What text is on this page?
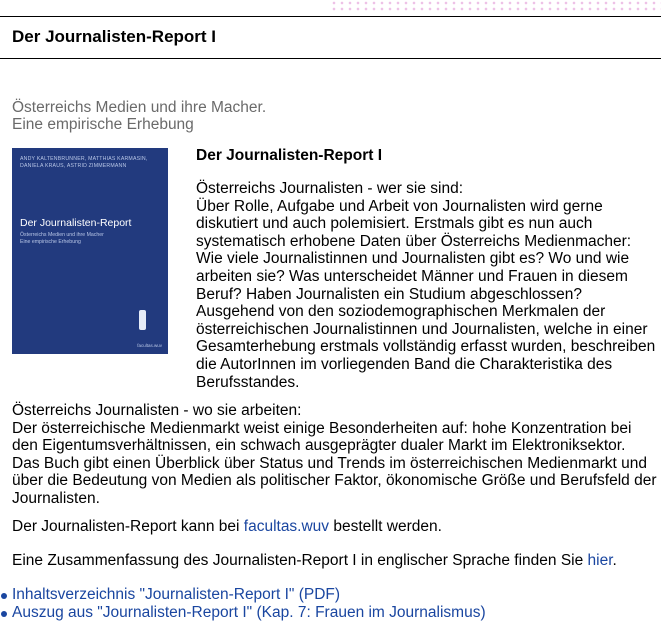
Der Journalisten-Report I

Österreichs Medien und ihre Macher.
Eine empirische Erhebung

ANDY KALTENBRUNNER, MATTHIAS KARMASIN,
DANIELA KRAUS, ASTRID ZIMMERMANN
Der Journalisten-Report
Österreichs Medien und ihre Macher
Eine empirische Erhebung
facultas.wuv
Der Journalisten-Report I

Österreichs Journalisten - wer sie sind:
Über Rolle, Aufgabe und Arbeit von Journalisten wird gerne diskutiert und auch polemisiert. Erstmals gibt es nun auch systematisch erhobene Daten über Österreichs Medienmacher: Wie viele Journalistinnen und Journalisten gibt es? Wo und wie arbeiten sie? Was unterscheidet Männer und Frauen in diesem Beruf? Haben Journalisten ein Studium abgeschlossen? Ausgehend von den soziodemographischen Merkmalen der österreichischen Journalistinnen und Journalisten, welche in einer Gesamterhebung erstmals vollständig erfasst wurden, beschreiben die AutorInnen im vorliegenden Band die Charakteristika des Berufsstandes.

Österreichs Journalisten - wo sie arbeiten:
Der österreichische Medienmarkt weist einige Besonderheiten auf: hohe Konzentration bei den Eigentumsverhältnissen, ein schwach ausgeprägter dualer Markt im Elektroniksektor. Das Buch gibt einen Überblick über Status und Trends im österreichischen Medienmarkt und über die Bedeutung von Medien als politischer Faktor, ökonomische Größe und Berufsfeld der Journalisten.

Der Journalisten-Report kann bei facultas.wuv bestellt werden.

Eine Zusammenfassung des Journalisten-Report I in englischer Sprache finden Sie hier.

Inhaltsverzeichnis "Journalisten-Report I" (PDF)
Auszug aus "Journalisten-Report I" (Kap. 7: Frauen im Journalismus)
